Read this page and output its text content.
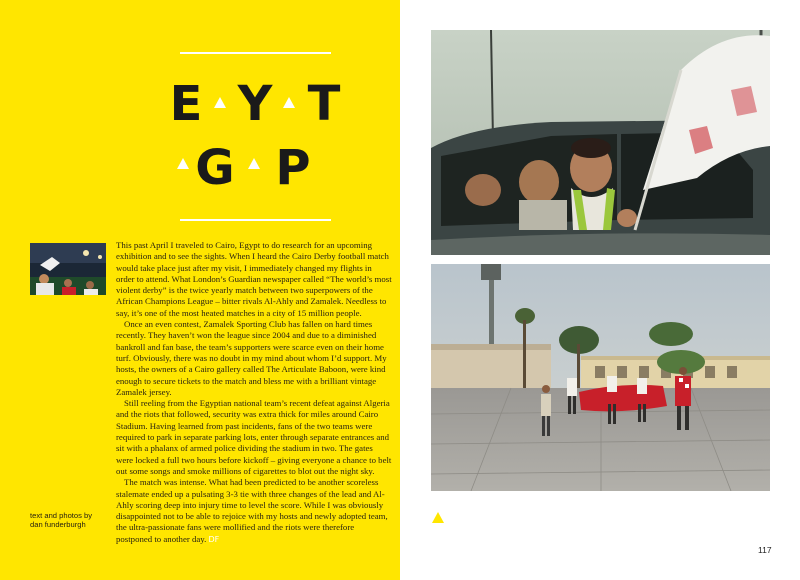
E Y T
G P

This past April I traveled to Cairo, Egypt to do research for an upcoming exhibition and to see the sights. When I heard the Cairo Derby football match would take place just after my visit, I immediately changed my flights in order to attend. What London’s Guardian newspaper called “The world’s most violent derby” is the twice yearly match between two superpowers of the African Champions League – bitter rivals Al-Ahly and Zamalek. Needless to say, it’s one of the most heated matches in a city of 15 million people.

Once an even contest, Zamalek Sporting Club has fallen on hard times recently. They haven’t won the league since 2004 and due to a diminished bankroll and fan base, the team’s supporters were scarce even on their home turf. Obviously, there was no doubt in my mind about whom I’d support. My hosts, the owners of a Cairo gallery called The Articulate Baboon, were kind enough to secure tickets to the match and bless me with a brilliant vintage Zamalek jersey.

Still reeling from the Egyptian national team’s recent defeat against Algeria and the riots that followed, security was extra thick for miles around Cairo Stadium. Having learned from past incidents, fans of the two teams were required to park in separate parking lots, enter through separate entrances and sit with a phalanx of armed police dividing the stadium in two. The gates were locked a full two hours before kickoff – giving everyone a chance to belt out some songs and smoke millions of cigarettes to blot out the night sky.

The match was intense. What had been predicted to be another scoreless stalemate ended up a pulsating 3-3 tie with three changes of the lead and Al-Ahly scoring deep into injury time to level the score. While I was obviously disappointed not to be able to rejoice with my hosts and newly adopted team, the ultra-passionate fans were mollified and the riots were therefore postponed to another day. DF

text and photos by
dan funderburgh
117
